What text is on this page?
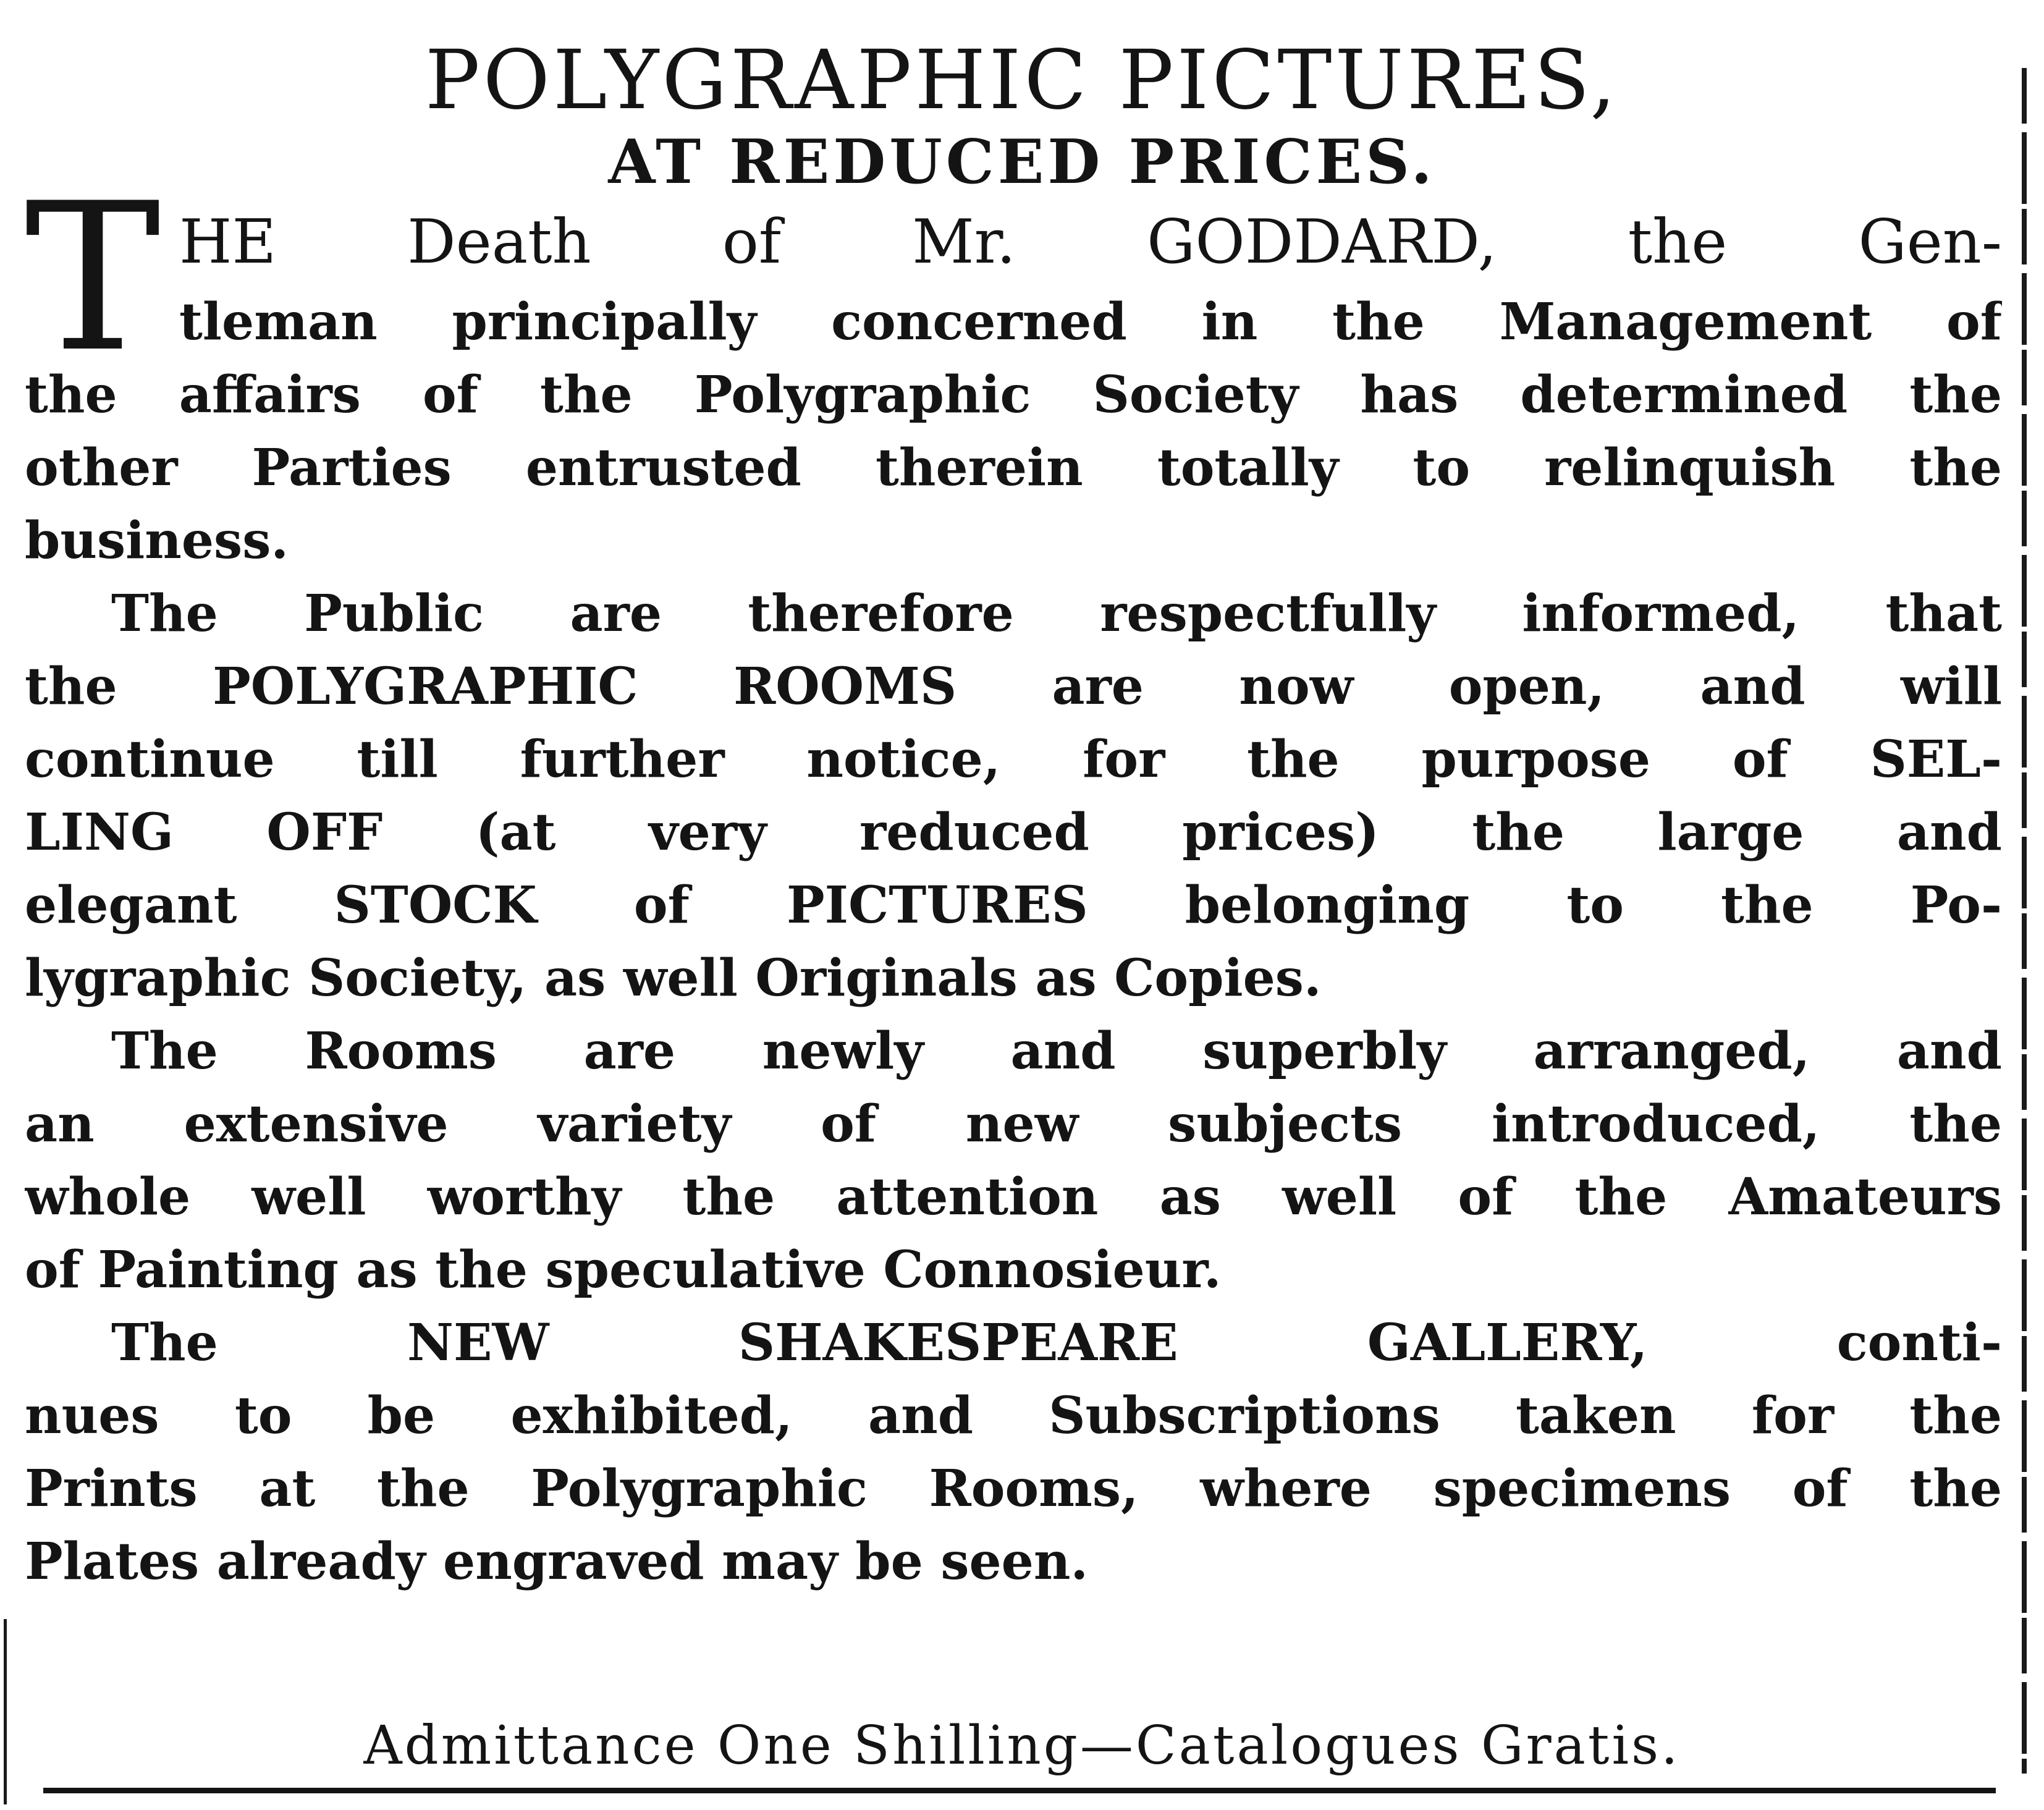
POLYGRAPHIC PICTURES,
AT REDUCED PRICES.
T HE Death of Mr. GODDARD, the Gen-
tleman principally concerned in the Management of
the affairs of the Polygraphic Society has determined the
other Parties entrusted therein totally to relinquish the
business.
The Public are therefore respectfully informed, that
the POLYGRAPHIC ROOMS are now open, and will
continue till further notice, for the purpose of SEL-
LING OFF (at very reduced prices) the large and
elegant STOCK of PICTURES belonging to the Po-
lygraphic Society, as well Originals as Copies.
The Rooms are newly and superbly arranged, and
an extensive variety of new subjects introduced, the
whole well worthy the attention as well of the Amateurs
of Painting as the speculative Connosieur.
The NEW SHAKESPEARE GALLERY, conti-
nues to be exhibited, and Subscriptions taken for the
Prints at the Polygraphic Rooms, where specimens of the
Plates already engraved may be seen.
Admittance One Shilling—Catalogues Gratis.
